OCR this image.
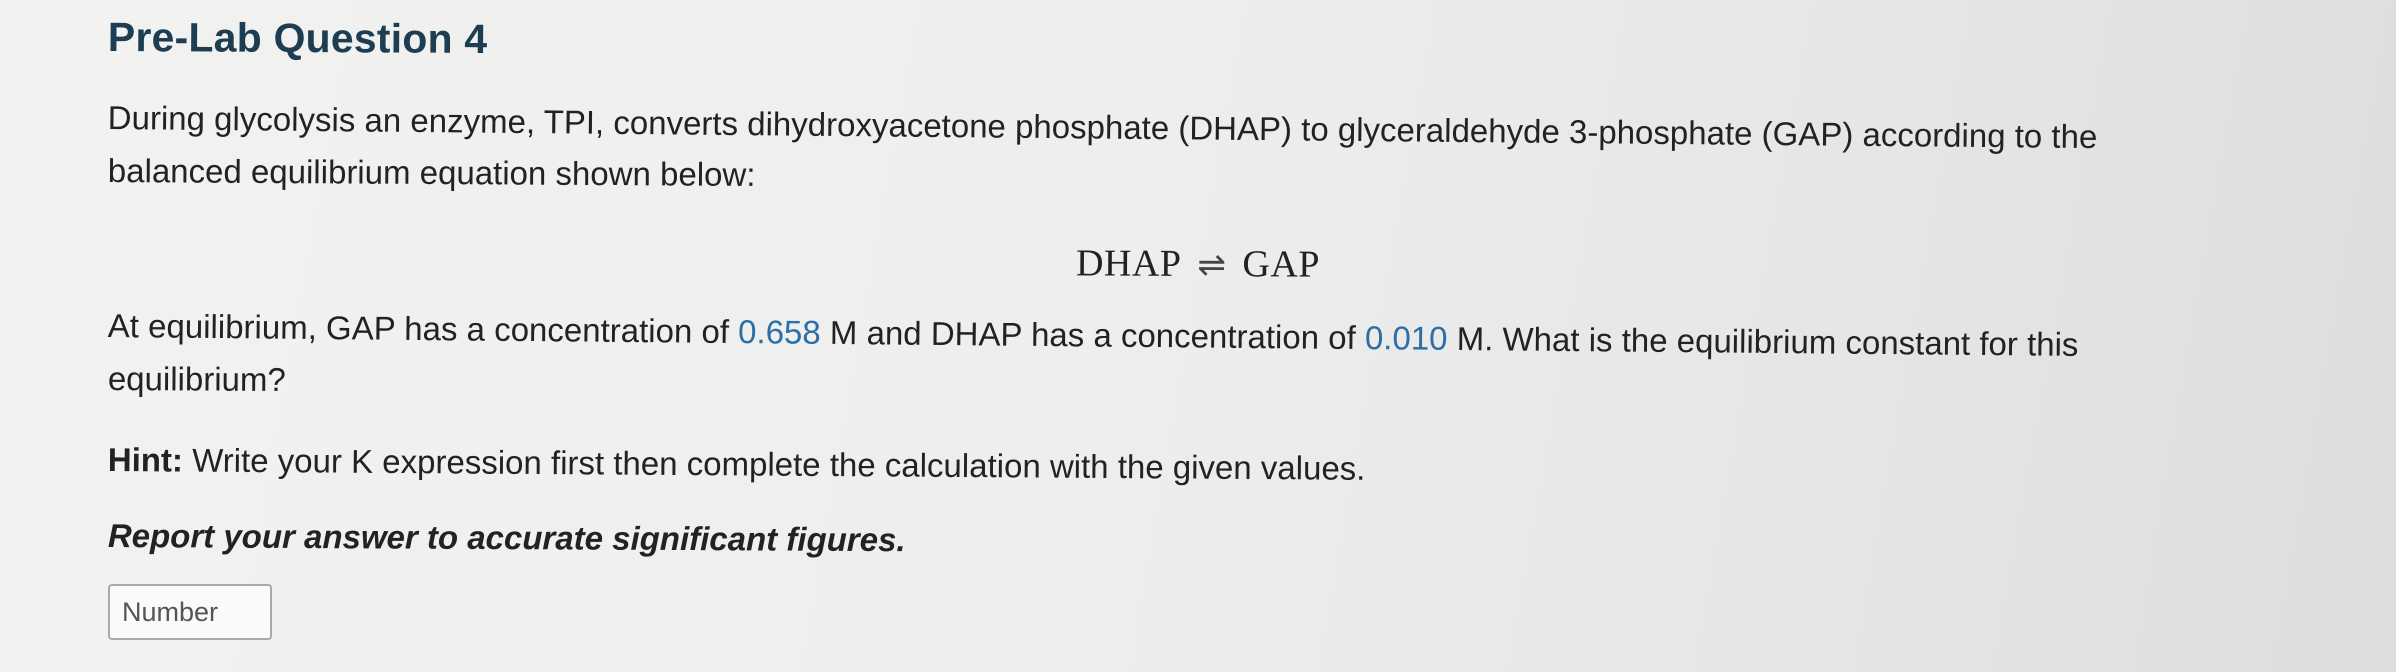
Pre-Lab Question 4
During glycolysis an enzyme, TPI, converts dihydroxyacetone phosphate (DHAP) to glyceraldehyde 3-phosphate (GAP) according to the
balanced equilibrium equation shown below:
DHAP ⇌ GAP
At equilibrium, GAP has a concentration of 0.658 M and DHAP has a concentration of 0.010 M. What is the equilibrium constant for this
equilibrium?
Hint: Write your K expression first then complete the calculation with the given values.
Report your answer to accurate significant figures.
Number
